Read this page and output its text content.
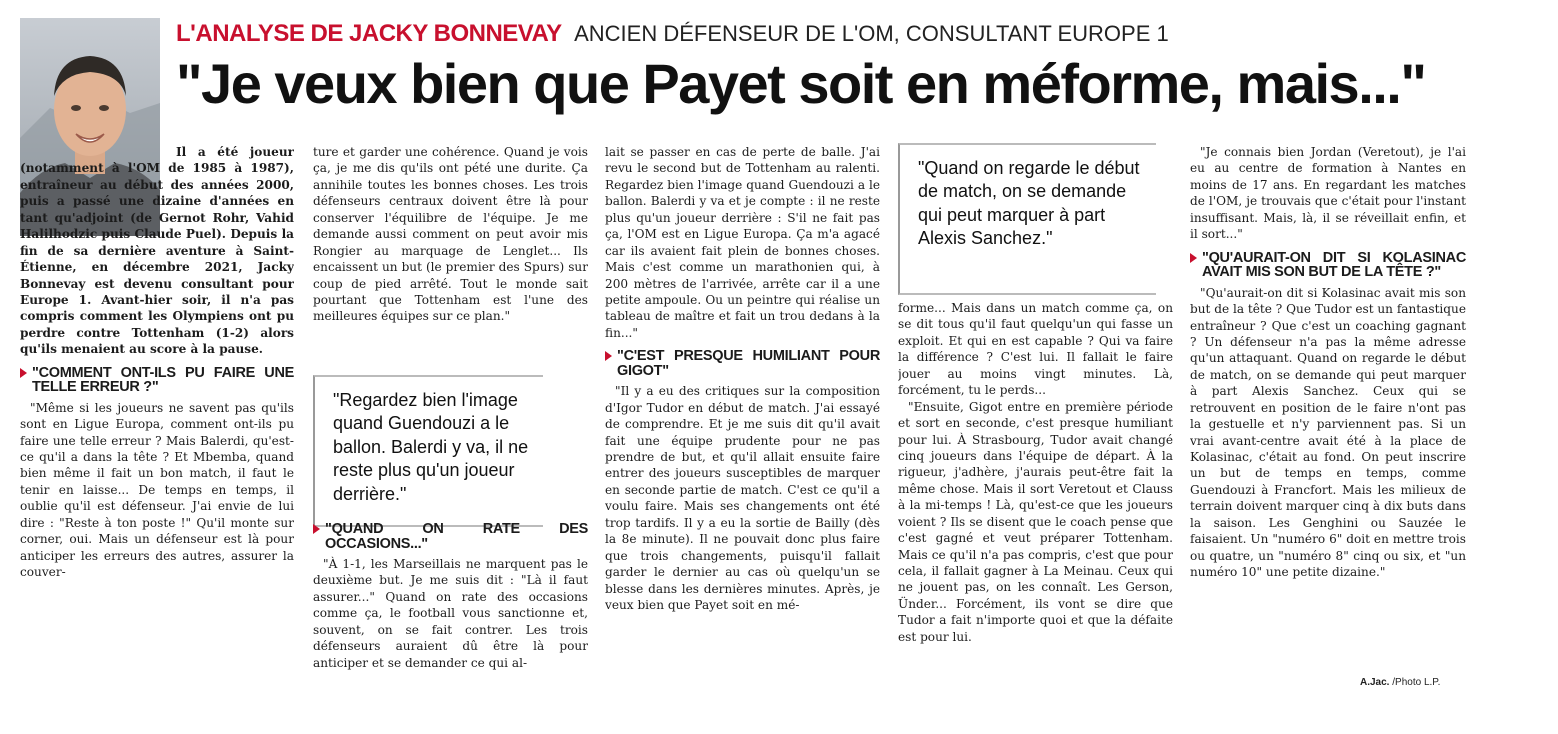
L'ANALYSE DE JACKY BONNEVAY ANCIEN DÉFENSEUR DE L'OM, CONSULTANT EUROPE 1
"Je veux bien que Payet soit en méforme, mais..."

Il a été joueur (notamment à l'OM de 1985 à 1987), entraîneur au début des années 2000, puis a passé une dizaine d'années en tant qu'adjoint (de Gernot Rohr, Vahid Halilhodzic puis Claude Puel). Depuis la fin de sa dernière aventure à Saint-Étienne, en décembre 2021, Jacky Bonnevay est devenu consultant pour Europe 1. Avant-hier soir, il n'a pas compris comment les Olympiens ont pu perdre contre Tottenham (1-2) alors qu'ils menaient au score à la pause.

"COMMENT ONT-ILS PU FAIRE UNE TELLE ERREUR ?"

"Même si les joueurs ne savent pas qu'ils sont en Ligue Europa, comment ont-ils pu faire une telle erreur ? Mais Balerdi, qu'est-ce qu'il a dans la tête ? Et Mbemba, quand bien même il fait un bon match, il faut le tenir en laisse... De temps en temps, il oublie qu'il est défenseur. J'ai envie de lui dire : "Reste à ton poste !" Qu'il monte sur corner, oui. Mais un défenseur est là pour anticiper les erreurs des autres, assurer la couver-

ture et garder une cohérence. Quand je vois ça, je me dis qu'ils ont pété une durite. Ça annihile toutes les bonnes choses. Les trois défenseurs centraux doivent être là pour conserver l'équilibre de l'équipe. Je me demande aussi comment on peut avoir mis Rongier au marquage de Lenglet... Ils encaissent un but (le premier des Spurs) sur coup de pied arrêté. Tout le monde sait pourtant que Tottenham est l'une des meilleures équipes sur ce plan."

"Regardez bien l'image quand Guendouzi a le ballon. Balerdi y va, il ne reste plus qu'un joueur derrière."
"QUAND ON RATE DES OCCASIONS..."

"À 1-1, les Marseillais ne marquent pas le deuxième but. Je me suis dit : "Là il faut assurer..." Quand on rate des occasions comme ça, le football vous sanctionne et, souvent, on se fait contrer. Les trois défenseurs auraient dû être là pour anticiper et se demander ce qui al-

lait se passer en cas de perte de balle. J'ai revu le second but de Tottenham au ralenti. Regardez bien l'image quand Guendouzi a le ballon. Balerdi y va et je compte : il ne reste plus qu'un joueur derrière : S'il ne fait pas ça, l'OM est en Ligue Europa. Ça m'a agacé car ils avaient fait plein de bonnes choses. Mais c'est comme un marathonien qui, à 200 mètres de l'arrivée, arrête car il a une petite ampoule. Ou un peintre qui réalise un tableau de maître et fait un trou dedans à la fin..."

"C'EST PRESQUE HUMILIANT POUR GIGOT"

"Il y a eu des critiques sur la composition d'Igor Tudor en début de match. J'ai essayé de comprendre. Et je me suis dit qu'il avait fait une équipe prudente pour ne pas prendre de but, et qu'il allait ensuite faire entrer des joueurs susceptibles de marquer en seconde partie de match. C'est ce qu'il a voulu faire. Mais ses changements ont été trop tardifs. Il y a eu la sortie de Bailly (dès la 8e minute). Il ne pouvait donc plus faire que trois changements, puisqu'il fallait garder le dernier au cas où quelqu'un se blesse dans les dernières minutes. Après, je veux bien que Payet soit en mé-

"Quand on regarde le début de match, on se demande qui peut marquer à part Alexis Sanchez."

forme... Mais dans un match comme ça, on se dit tous qu'il faut quelqu'un qui fasse un exploit. Et qui en est capable ? Qui va faire la différence ? C'est lui. Il fallait le faire jouer au moins vingt minutes. Là, forcément, tu le perds...

"Ensuite, Gigot entre en première période et sort en seconde, c'est presque humiliant pour lui. À Strasbourg, Tudor avait changé cinq joueurs dans l'équipe de départ. À la rigueur, j'adhère, j'aurais peut-être fait la même chose. Mais il sort Veretout et Clauss à la mi-temps ! Là, qu'est-ce que les joueurs voient ? Ils se disent que le coach pense que c'est gagné et veut préparer Tottenham. Mais ce qu'il n'a pas compris, c'est que pour cela, il fallait gagner à La Meinau. Ceux qui ne jouent pas, on les connaît. Les Gerson, Ünder... Forcément, ils vont se dire que Tudor a fait n'importe quoi et que la défaite est pour lui.

"Je connais bien Jordan (Veretout), je l'ai eu au centre de formation à Nantes en moins de 17 ans. En regardant les matches de l'OM, je trouvais que c'était pour l'instant insuffisant. Mais, là, il se réveillait enfin, et il sort..."

"QU'AURAIT-ON DIT SI KOLASINAC AVAIT MIS SON BUT DE LA TÊTE ?"

"Qu'aurait-on dit si Kolasinac avait mis son but de la tête ? Que Tudor est un fantastique entraîneur ? Que c'est un coaching gagnant ? Un défenseur n'a pas la même adresse qu'un attaquant. Quand on regarde le début de match, on se demande qui peut marquer à part Alexis Sanchez. Ceux qui se retrouvent en position de le faire n'ont pas la gestuelle et n'y parviennent pas. Si un vrai avant-centre avait été à la place de Kolasinac, c'était au fond. On peut inscrire un but de temps en temps, comme Guendouzi à Francfort. Mais les milieux de terrain doivent marquer cinq à dix buts dans la saison. Les Genghini ou Sauzée le faisaient. Un "numéro 6" doit en mettre trois ou quatre, un "numéro 8" cinq ou six, et "un numéro 10" une petite dizaine."

A.Jac. /Photo L.P.
